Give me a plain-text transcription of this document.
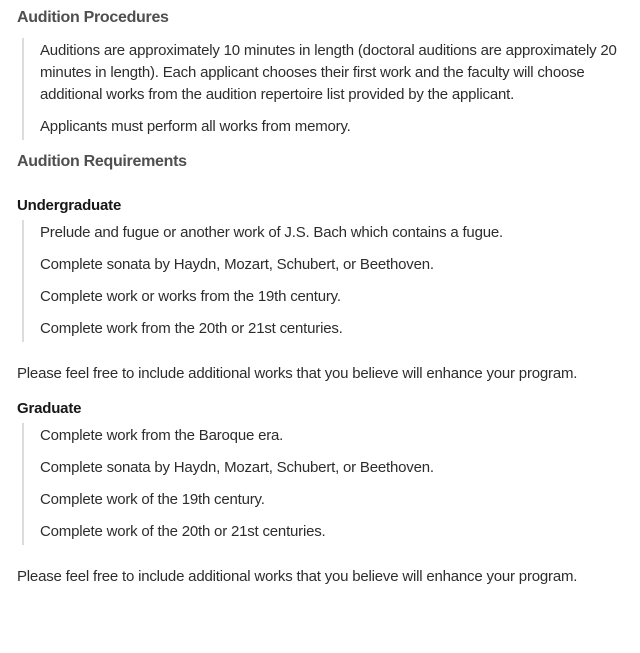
Audition Procedures

Auditions are approximately 10 minutes in length (doctoral auditions are approximately 20 minutes in length). Each applicant chooses their first work and the faculty will choose additional works from the audition repertoire list provided by the applicant.

Applicants must perform all works from memory.

Audition Requirements
Undergraduate

Prelude and fugue or another work of J.S. Bach which contains a fugue.

Complete sonata by Haydn, Mozart, Schubert, or Beethoven.

Complete work or works from the 19th century.

Complete work from the 20th or 21st centuries.

Please feel free to include additional works that you believe will enhance your program.

Graduate

Complete work from the Baroque era.

Complete sonata by Haydn, Mozart, Schubert, or Beethoven.

Complete work of the 19th century.

Complete work of the 20th or 21st centuries.

Please feel free to include additional works that you believe will enhance your program.
